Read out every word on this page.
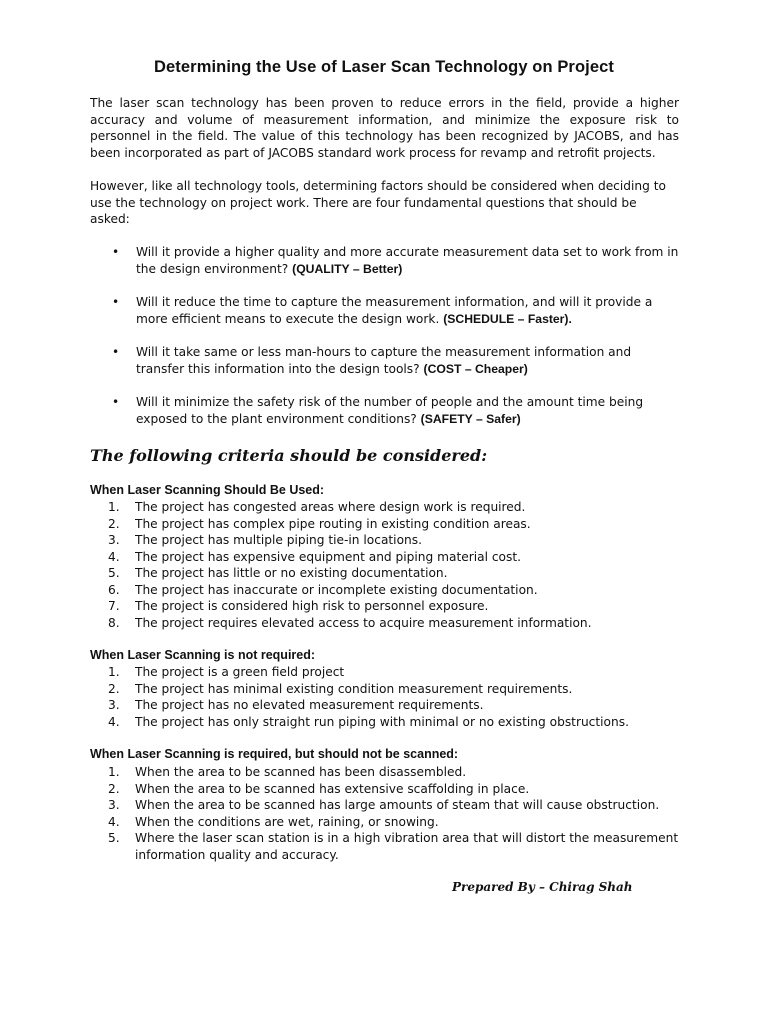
Determining the Use of Laser Scan Technology on Project

The laser scan technology has been proven to reduce errors in the field, provide a higher accuracy and volume of measurement information, and minimize the exposure risk to personnel in the field. The value of this technology has been recognized by JACOBS, and has been incorporated as part of JACOBS standard work process for revamp and retrofit projects.

However, like all technology tools, determining factors should be considered when deciding to use the technology on project work. There are four fundamental questions that should be asked:

• Will it provide a higher quality and more accurate measurement data set to work from in the design environment? (QUALITY – Better)
• Will it reduce the time to capture the measurement information, and will it provide a more efficient means to execute the design work. (SCHEDULE – Faster).
• Will it take same or less man-hours to capture the measurement information and transfer this information into the design tools? (COST – Cheaper)
• Will it minimize the safety risk of the number of people and the amount time being exposed to the plant environment conditions? (SAFETY – Safer)
The following criteria should be considered:
When Laser Scanning Should Be Used:
1. The project has congested areas where design work is required.
2. The project has complex pipe routing in existing condition areas.
3. The project has multiple piping tie-in locations.
4. The project has expensive equipment and piping material cost.
5. The project has little or no existing documentation.
6. The project has inaccurate or incomplete existing documentation.
7. The project is considered high risk to personnel exposure.
8. The project requires elevated access to acquire measurement information.
When Laser Scanning is not required:
1. The project is a green field project
2. The project has minimal existing condition measurement requirements.
3. The project has no elevated measurement requirements.
4. The project has only straight run piping with minimal or no existing obstructions.
When Laser Scanning is required, but should not be scanned:
1. When the area to be scanned has been disassembled.
2. When the area to be scanned has extensive scaffolding in place.
3. When the area to be scanned has large amounts of steam that will cause obstruction.
4. When the conditions are wet, raining, or snowing.
5. Where the laser scan station is in a high vibration area that will distort the measurement information quality and accuracy.
Prepared By – Chirag Shah
